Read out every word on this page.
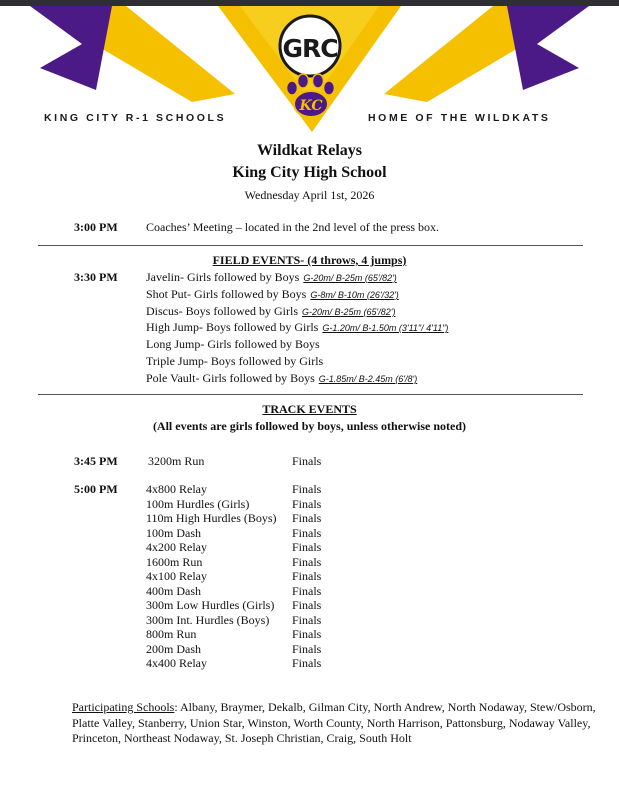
GRC
KC
KING CITY R-1 SCHOOLS	HOME OF THE WILDKATS
Wildkat Relays
King City High School
Wednesday April 1st, 2026
3:00 PM Coaches’ Meeting – located in the 2nd level of the press box.
FIELD EVENTS- (4 throws, 4 jumps)
3:30 PM Javelin- Girls followed by Boys G-20m/ B-25m (65'/82')
Shot Put- Girls followed by Boys G-8m/ B-10m (26'/32')
Discus- Boys followed by Girls G-20m/ B-25m (65'/82')
High Jump- Boys followed by Girls G-1.20m/ B-1.50m (3'11"/ 4'11")
Long Jump- Girls followed by Boys
Triple Jump- Boys followed by Girls
Pole Vault- Girls followed by Boys G-1.85m/ B-2.45m (6'/8')
TRACK EVENTS
(All events are girls followed by boys, unless otherwise noted)
3:45 PM	3200m Run	Finals
5:00 PM 4x800 Relay	Finals
100m Hurdles (Girls)	Finals
110m High Hurdles (Boys) Finals
100m Dash	Finals
4x200 Relay	Finals
1600m Run	Finals
4x100 Relay	Finals
400m Dash	Finals
300m Low Hurdles (Girls) Finals
300m Int. Hurdles (Boys) Finals
800m Run	Finals
200m Dash	Finals
4x400 Relay	Finals
Participating Schools: Albany, Braymer, Dekalb, Gilman City, North Andrew, North Nodaway, Stew/Osborn, Platte Valley, Stanberry, Union Star, Winston, Worth County, North Harrison, Pattonsburg, Nodaway Valley, Princeton, Northeast Nodaway, St. Joseph Christian, Craig, South Holt
